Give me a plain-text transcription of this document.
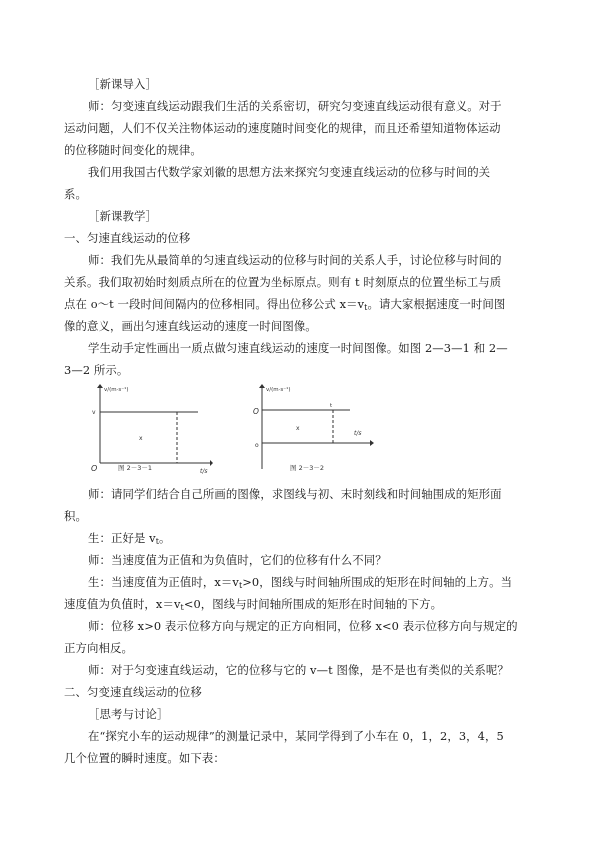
［新课导入］
师：匀变速直线运动跟我们生活的关系密切，研究匀变速直线运动很有意义。对于
运动问题，人们不仅关注物体运动的速度随时间变化的规律，而且还希望知道物体运动
的位移随时间变化的规律。
我们用我国古代数学家刘徽的思想方法来探究匀变速直线运动的位移与时间的关
系。
［新课教学］
一、匀速直线运动的位移
师：我们先从最简单的匀速直线运动的位移与时间的关系人手，讨论位移与时间的
关系。我们取初始时刻质点所在的位置为坐标原点。则有 t 时刻原点的位置坐标工与质
点在 o～t 一段时间间隔内的位移相同。得出位移公式 $x=v_t$。请大家根据速度一时间图
像的意义，画出匀速直线运动的速度一时间图像。
学生动手定性画出一质点做匀速直线运动的速度一时间图像。如图 2—3—1 和 2—
3—2 所示。
v/(m·s⁻¹)
t/s
v
x
O	图 2－3－1
v/(m·s⁻¹)
t/s
O
t
x
o
图 2－3－2
师：请同学们结合自己所画的图像，求图线与初、末时刻线和时间轴围成的矩形面
积。
生：正好是 $v_t$。
师：当速度值为正值和为负值时，它们的位移有什么不同？
生：当速度值为正值时，$x=v_t>0$，图线与时间轴所围成的矩形在时间轴的上方。当
速度值为负值时，$x=v_t<0$，图线与时间轴所围成的矩形在时间轴的下方。
师：位移 x>0 表示位移方向与规定的正方向相同，位移 x<0 表示位移方向与规定的
正方向相反。
师：对于匀变速直线运动，它的位移与它的 v—t 图像，是不是也有类似的关系呢？
二、匀变速直线运动的位移
［思考与讨论］
在“探究小车的运动规律”的测量记录中，某同学得到了小车在 0，1，2，3，4，5
几个位置的瞬时速度。如下表：
